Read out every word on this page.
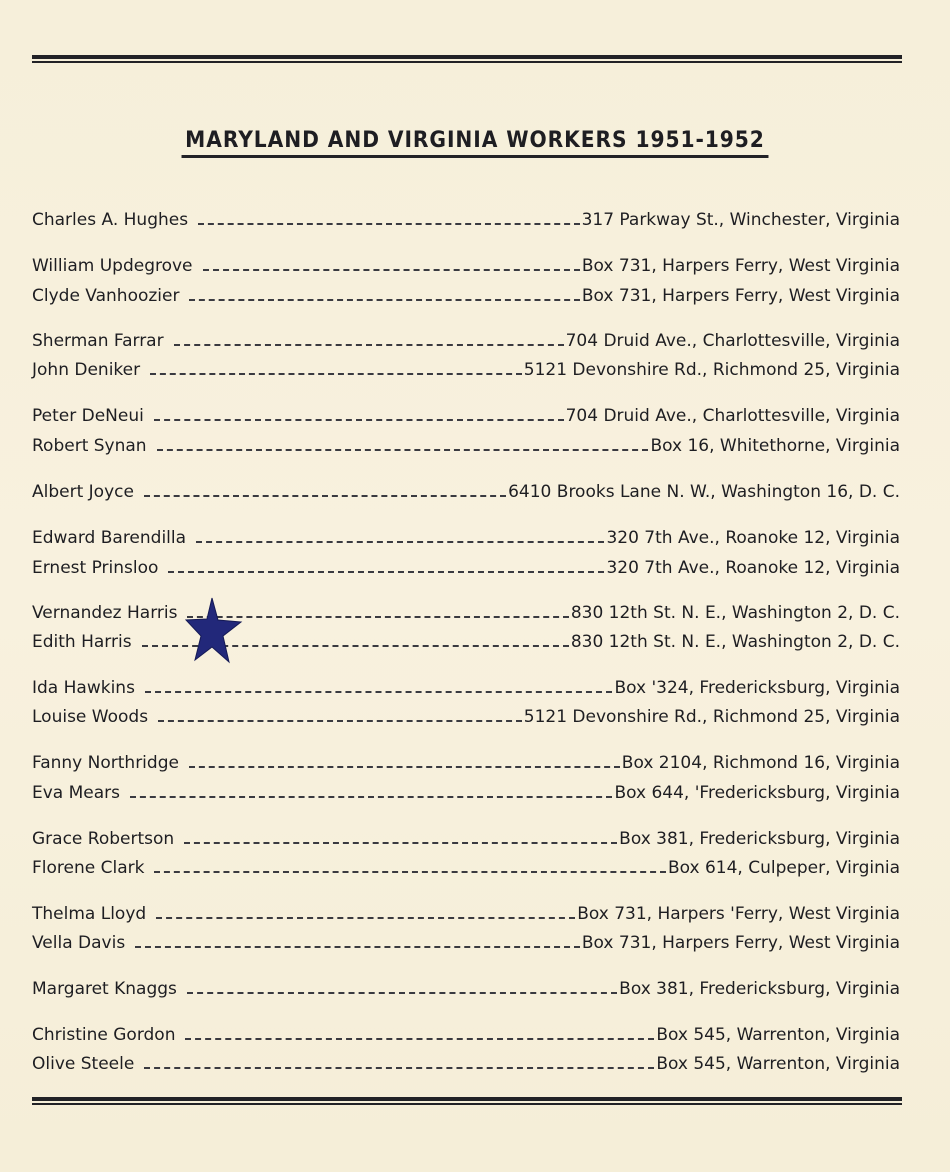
MARYLAND AND VIRGINIA WORKERS 1951-1952
Charles A. Hughes	317 Parkway St., Winchester, Virginia
William Updegrove	Box 731, Harpers Ferry, West Virginia
Clyde Vanhoozier	Box 731, Harpers Ferry, West Virginia
Sherman Farrar	704 Druid Ave., Charlottesville, Virginia
John Deniker	5121 Devonshire Rd., Richmond 25, Virginia
Peter DeNeui	704 Druid Ave., Charlottesville, Virginia
Robert Synan	Box 16, Whitethorne, Virginia
Albert Joyce	6410 Brooks Lane N. W., Washington 16, D. C.
Edward Barendilla	320 7th Ave., Roanoke 12, Virginia
Ernest Prinsloo	320 7th Ave., Roanoke 12, Virginia
Vernandez Harris	830 12th St. N. E., Washington 2, D. C.
Edith Harris	830 12th St. N. E., Washington 2, D. C.
Ida Hawkins	Box '324, Fredericksburg, Virginia
Louise Woods	5121 Devonshire Rd., Richmond 25, Virginia
Fanny Northridge	Box 2104, Richmond 16, Virginia
Eva Mears	Box 644, 'Fredericksburg, Virginia
Grace Robertson	Box 381, Fredericksburg, Virginia
Florene Clark	Box 614, Culpeper, Virginia
Thelma Lloyd	Box 731, Harpers 'Ferry, West Virginia
Vella Davis	Box 731, Harpers Ferry, West Virginia
Margaret Knaggs	Box 381, Fredericksburg, Virginia
Christine Gordon	Box 545, Warrenton, Virginia
Olive Steele	Box 545, Warrenton, Virginia
